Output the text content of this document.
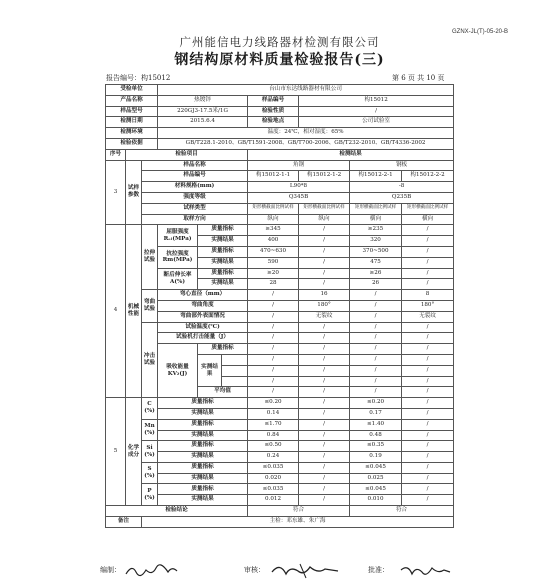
GZNX-JL(T)-05-20-B
广州能信电力线路器材检测有限公司
钢结构原材料质量检验报告(三)
报告编号：构15012	第 6 页 共 10 页
受检单位			台山市东达线路器材有限公司						
产品名称			热镀锌			样品编号	构15012		
样品型号			220GJ3-17.5米/1G			检验性质	/		
检测日期			2015.6.4			检验地点	公司试验室		
检测环境			温度：24℃，相对湿度：65%						
检验依据			GB/T228.1-2010、GB/T1591-2008、GB/T700-2006、GB/T232-2010、GB/T4336-2002						
序号	检验项目					检测结果			
3	试样参数	样品名称				角钢		钢板	
		样品编号				构15012-1-1	构15012-1-2	构15012-2-1	构15012-2-2
		材料规格(mm)				L90*8		-8	
		强度等级				Q345B		Q235B	
		试样类型				矩形横截面比例试样	矩形横截面比例试样	矩形横截面比例试样	矩形横截面比例试样
		取样方向				纵向	纵向	横向	横向
4	机械性能	拉伸试验	屈服强度Rₑₗ(MPa)	质量指标		≥345	/	≥235	/
				实测结果		400	/	320	/
			抗拉强度Rm(MPa)	质量指标		470~630	/	370~500	/
				实测结果		590	/	475	/
			断后伸长率A(%)	质量指标		≥20	/	≥26	/
				实测结果		28	/	26	/
		弯曲试验	弯心直径（mm）			/	16	/	8
			弯曲角度			/	180°	/	180°
			弯曲部外表面情况			/	无裂纹	/	无裂纹
		冲击试验	试验温度(℃)			/	/	/	/
			试验机打击能量（J）			/	/	/	/
			吸收能量KV₂(J)	质量指标		/	/	/	/
				实测结果		/	/	/	/
						/	/	/	/
						/	/	/	/
				平均值		/	/	/	/
5	化学成分	C
(%)	质量指标			≤0.20	/	≤0.20	/
			实测结果			0.14	/	0.17	/
		Mn
(%)	质量指标			≤1.70	/	≤1.40	/
			实测结果			0.84	/	0.48	/
		Si
(%)	质量指标			≤0.50	/	≤0.35	/
			实测结果			0.24	/	0.19	/
		S
(%)	质量指标			≤0.035	/	≤0.045	/
			实测结果			0.020	/	0.025	/
		P
(%)	质量指标			≤0.035	/	≤0.045	/
			实测结果			0.012	/	0.010	/
检验结论						符合		符合	
备注		主检：邓东雄、朱广海							
编制：	审核：	批准：
